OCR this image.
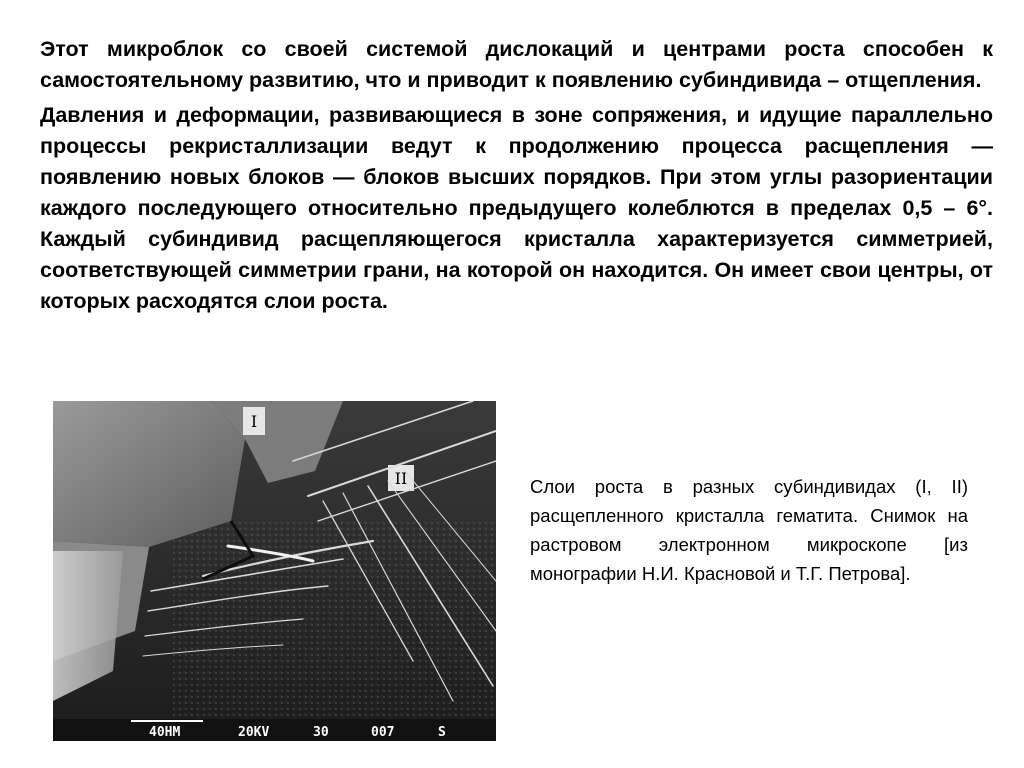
Этот микроблок со своей системой дислокаций и центрами роста способен к самостоятельному развитию, что и приводит к появлению субиндивида – отщепления.

Давления и деформации, развивающиеся в зоне сопряжения, и идущие параллельно процессы рекристаллизации ведут к продолжению процесса расщепления — появлению новых блоков — блоков высших порядков. При этом углы разориентации каждого последующего относительно предыдущего колеблются в пределах 0,5 – 6°. Каждый субиндивид расщепляющегося кристалла характеризуется симметрией, соответствующей симметрии грани, на которой он находится. Он имеет свои центры, от которых расходятся слои роста.

I
II
40НМ	20KV	30	007	S
Слои роста в разных субиндивидах (I, II) расщепленного кристалла гематита. Снимок на растровом электронном микроскопе [из монографии Н.И. Красновой и Т.Г. Петрова].
